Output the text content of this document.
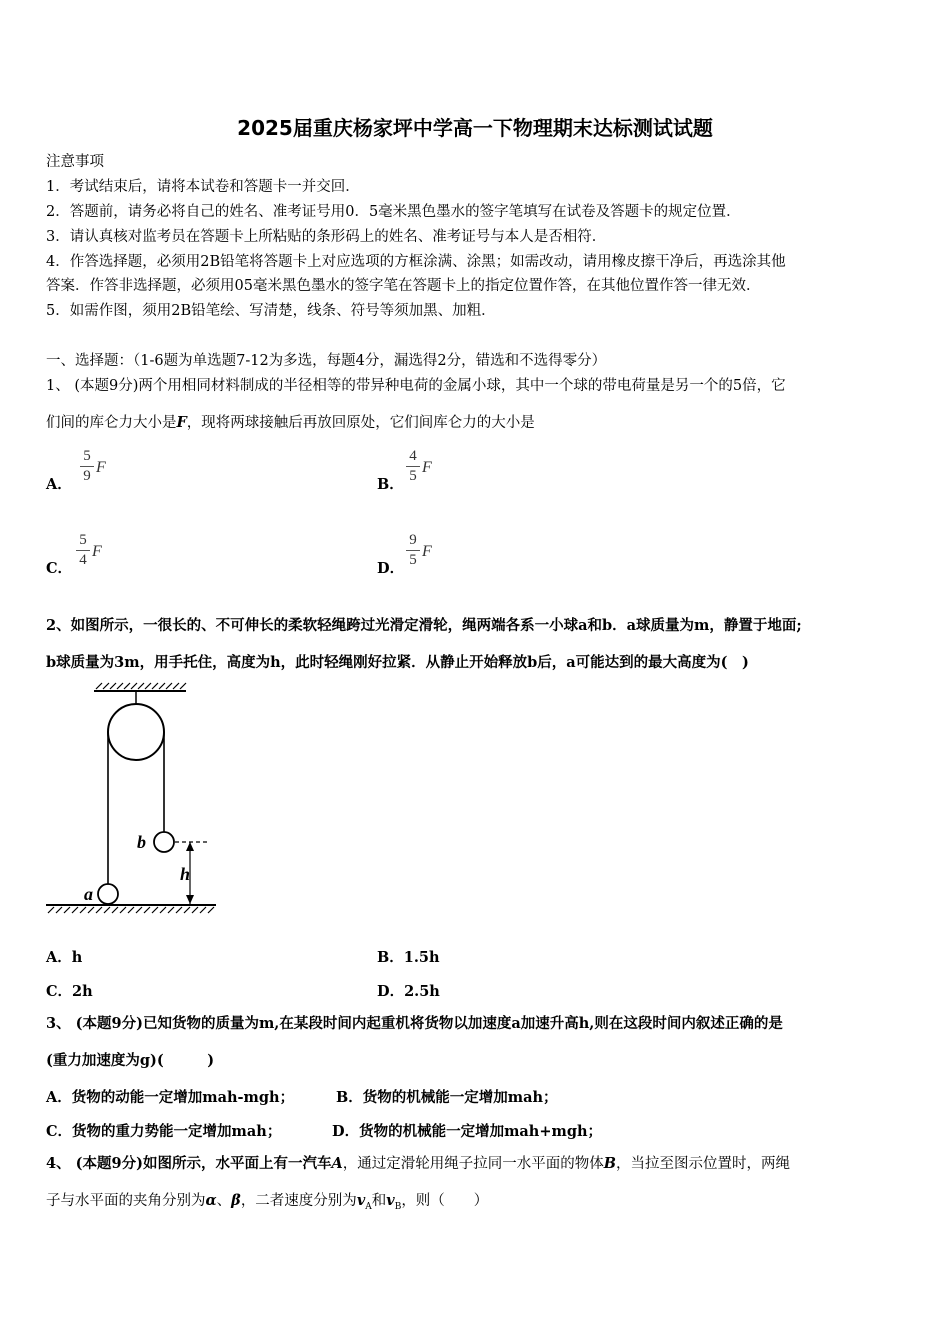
2025届重庆杨家坪中学高一下物理期末达标测试试题
注意事项
1．考试结束后，请将本试卷和答题卡一并交回．
2．答题前，请务必将自己的姓名、准考证号用0．5毫米黑色墨水的签字笔填写在试卷及答题卡的规定位置．
3．请认真核对监考员在答题卡上所粘贴的条形码上的姓名、准考证号与本人是否相符．
4．作答选择题，必须用2B铅笔将答题卡上对应选项的方框涂满、涂黑；如需改动，请用橡皮擦干净后，再选涂其他
答案．作答非选择题，必须用05毫米黑色墨水的签字笔在答题卡上的指定位置作答，在其他位置作答一律无效．
5．如需作图，须用2B铅笔绘、写清楚，线条、符号等须加黑、加粗．
一、选择题：（1-6题为单选题7-12为多选，每题4分，漏选得2分，错选和不选得零分）
1、 (本题9分)两个用相同材料制成的半径相等的带异种电荷的金属小球，其中一个球的带电荷量是另一个的5倍，它
们间的库仑力大小是F，现将两球接触后再放回原处，它们间库仑力的大小是
A．
5
9 F
B．
4
5 F
C．
5
4 F
D．
9
5 F
2、如图所示，一很长的、不可伸长的柔软轻绳跨过光滑定滑轮，绳两端各系一小球a和b．a球质量为m，静置于地面;
b球质量为3m，用手托住，高度为h，此时轻绳刚好拉紧．从静止开始释放b后，a可能达到的最大高度为(　)
a
b
h
A．h	B．1.5h
C．2h	D．2.5h
3、 (本题9分)已知货物的质量为m,在某段时间内起重机将货物以加速度a加速升高h,则在这段时间内叙述正确的是
(重力加速度为g)(　　　)
A．货物的动能一定增加mah-mgh；	B．货物的机械能一定增加mah；
C．货物的重力势能一定增加mah；	D．货物的机械能一定增加mah+mgh；
4、 (本题9分)如图所示，水平面上有一汽车A，通过定滑轮用绳子拉同一水平面的物体B，当拉至图示位置时，两绳
子与水平面的夹角分别为α、β，二者速度分别为$v_A$和$v_B$，则（　　）
